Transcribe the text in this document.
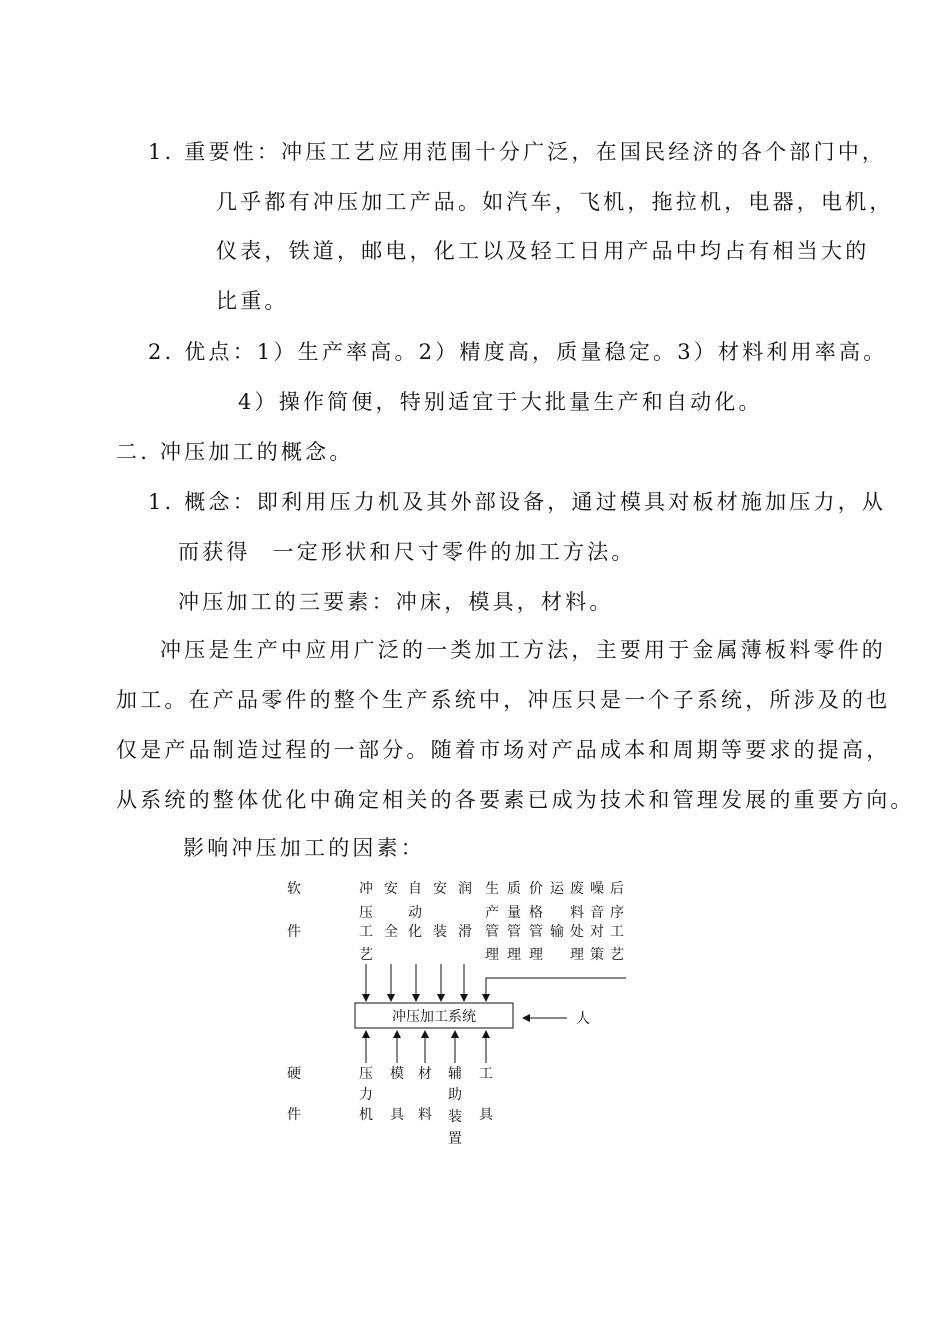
1. 重要性：冲压工艺应用范围十分广泛，在国民经济的各个部门中，
几乎都有冲压加工产品。如汽车，飞机，拖拉机，电器，电机，
仪表，铁道，邮电，化工以及轻工日用产品中均占有相当大的
比重。
2. 优点：1）生产率高。2）精度高，质量稳定。3）材料利用率高。
4）操作简便，特别适宜于大批量生产和自动化。
二. 冲压加工的概念。
1. 概念：即利用压力机及其外部设备，通过模具对板材施加压力，从
而获得 一定形状和尺寸零件的加工方法。
冲压加工的三要素：冲床，模具，材料。
冲压是生产中应用广泛的一类加工方法，主要用于金属薄板料零件的
加工。在产品零件的整个生产系统中，冲压只是一个子系统，所涉及的也
仅是产品制造过程的一部分。随着市场对产品成本和周期等要求的提高，
从系统的整体优化中确定相关的各要素已成为技术和管理发展的重要方向。
影响冲压加工的因素：
冲压加工系统	人
软
件
硬
件
冲
压
工
艺
安
全
自
动
化
安
装
润
滑
生
产
管
理
质
量
管
理
价
格
管
理
运
输
废
料
处
理
噪
音
对
策
后
序
工
艺
压
力
机
模
具
材
料
辅
助
装
置
工
具
